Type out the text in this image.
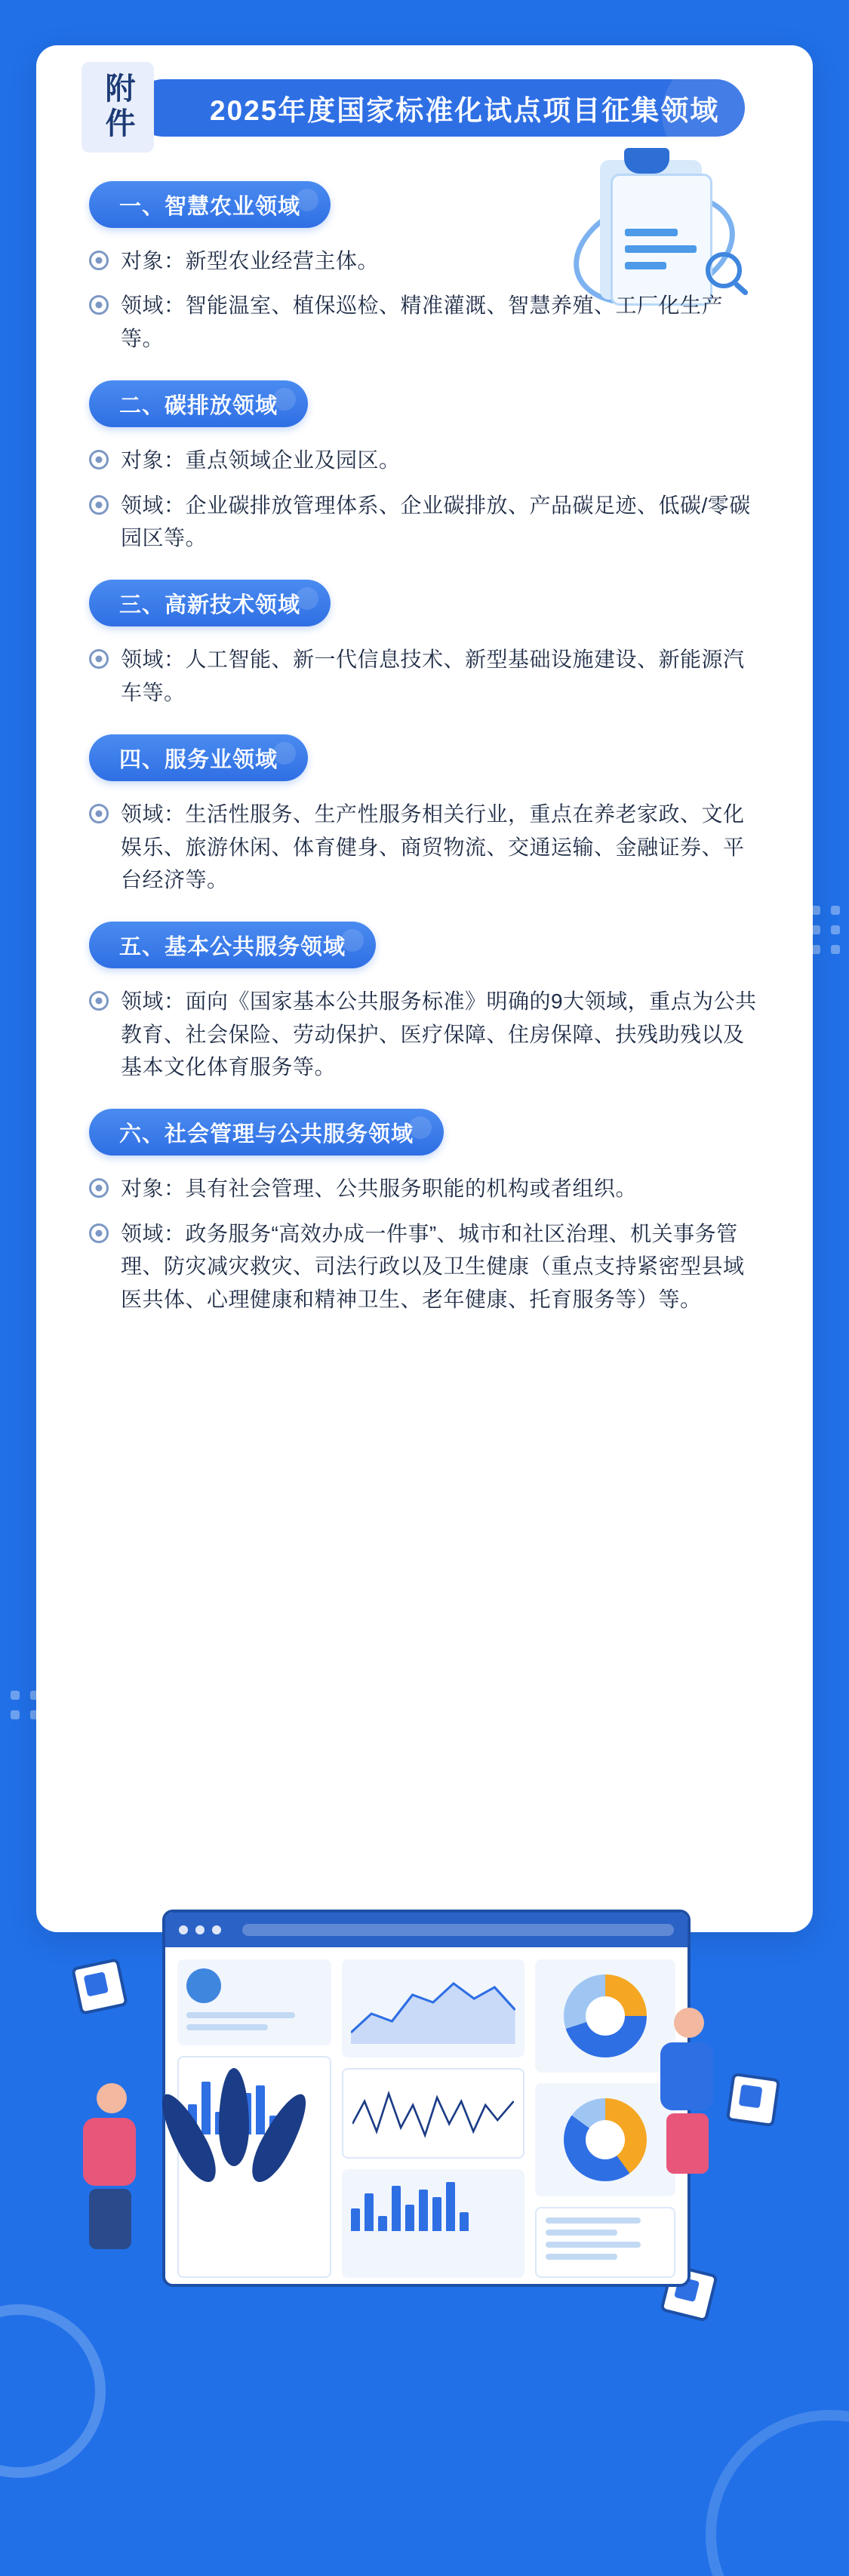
附件	2025年度国家标准化试点项目征集领域
一、智慧农业领域
对象：新型农业经营主体。
领域：智能温室、植保巡检、精准灌溉、智慧养殖、工厂化生产等。
二、碳排放领域
对象：重点领域企业及园区。
领域：企业碳排放管理体系、企业碳排放、产品碳足迹、低碳/零碳园区等。
三、高新技术领域
领域：人工智能、新一代信息技术、新型基础设施建设、新能源汽车等。
四、服务业领域
领域：生活性服务、生产性服务相关行业，重点在养老家政、文化娱乐、旅游休闲、体育健身、商贸物流、交通运输、金融证券、平台经济等。
五、基本公共服务领域
领域：面向《国家基本公共服务标准》明确的9大领域，重点为公共教育、社会保险、劳动保护、医疗保障、住房保障、扶残助残以及基本文化体育服务等。
六、社会管理与公共服务领域
对象：具有社会管理、公共服务职能的机构或者组织。
领域：政务服务“高效办成一件事”、城市和社区治理、机关事务管理、防灾减灾救灾、司法行政以及卫生健康（重点支持紧密型县域医共体、心理健康和精神卫生、老年健康、托育服务等）等。
